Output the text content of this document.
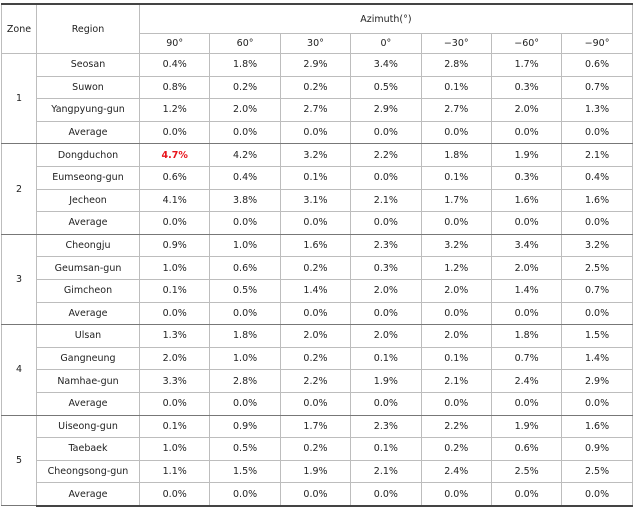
Zone	Region	Azimuth(°)						
		90°	60°	30°	0°	−30°	−60°	−90°
1	Seosan	0.4%	1.8%	2.9%	3.4%	2.8%	1.7%	0.6%
	Suwon	0.8%	0.2%	0.2%	0.5%	0.1%	0.3%	0.7%
	Yangpyung-gun	1.2%	2.0%	2.7%	2.9%	2.7%	2.0%	1.3%
	Average	0.0%	0.0%	0.0%	0.0%	0.0%	0.0%	0.0%
2	Dongduchon	4.7%	4.2%	3.2%	2.2%	1.8%	1.9%	2.1%
	Eumseong-gun	0.6%	0.4%	0.1%	0.0%	0.1%	0.3%	0.4%
	Jecheon	4.1%	3.8%	3.1%	2.1%	1.7%	1.6%	1.6%
	Average	0.0%	0.0%	0.0%	0.0%	0.0%	0.0%	0.0%
3	Cheongju	0.9%	1.0%	1.6%	2.3%	3.2%	3.4%	3.2%
	Geumsan-gun	1.0%	0.6%	0.2%	0.3%	1.2%	2.0%	2.5%
	Gimcheon	0.1%	0.5%	1.4%	2.0%	2.0%	1.4%	0.7%
	Average	0.0%	0.0%	0.0%	0.0%	0.0%	0.0%	0.0%
4	Ulsan	1.3%	1.8%	2.0%	2.0%	2.0%	1.8%	1.5%
	Gangneung	2.0%	1.0%	0.2%	0.1%	0.1%	0.7%	1.4%
	Namhae-gun	3.3%	2.8%	2.2%	1.9%	2.1%	2.4%	2.9%
	Average	0.0%	0.0%	0.0%	0.0%	0.0%	0.0%	0.0%
5	Uiseong-gun	0.1%	0.9%	1.7%	2.3%	2.2%	1.9%	1.6%
	Taebaek	1.0%	0.5%	0.2%	0.1%	0.2%	0.6%	0.9%
	Cheongsong-gun	1.1%	1.5%	1.9%	2.1%	2.4%	2.5%	2.5%
	Average	0.0%	0.0%	0.0%	0.0%	0.0%	0.0%	0.0%
